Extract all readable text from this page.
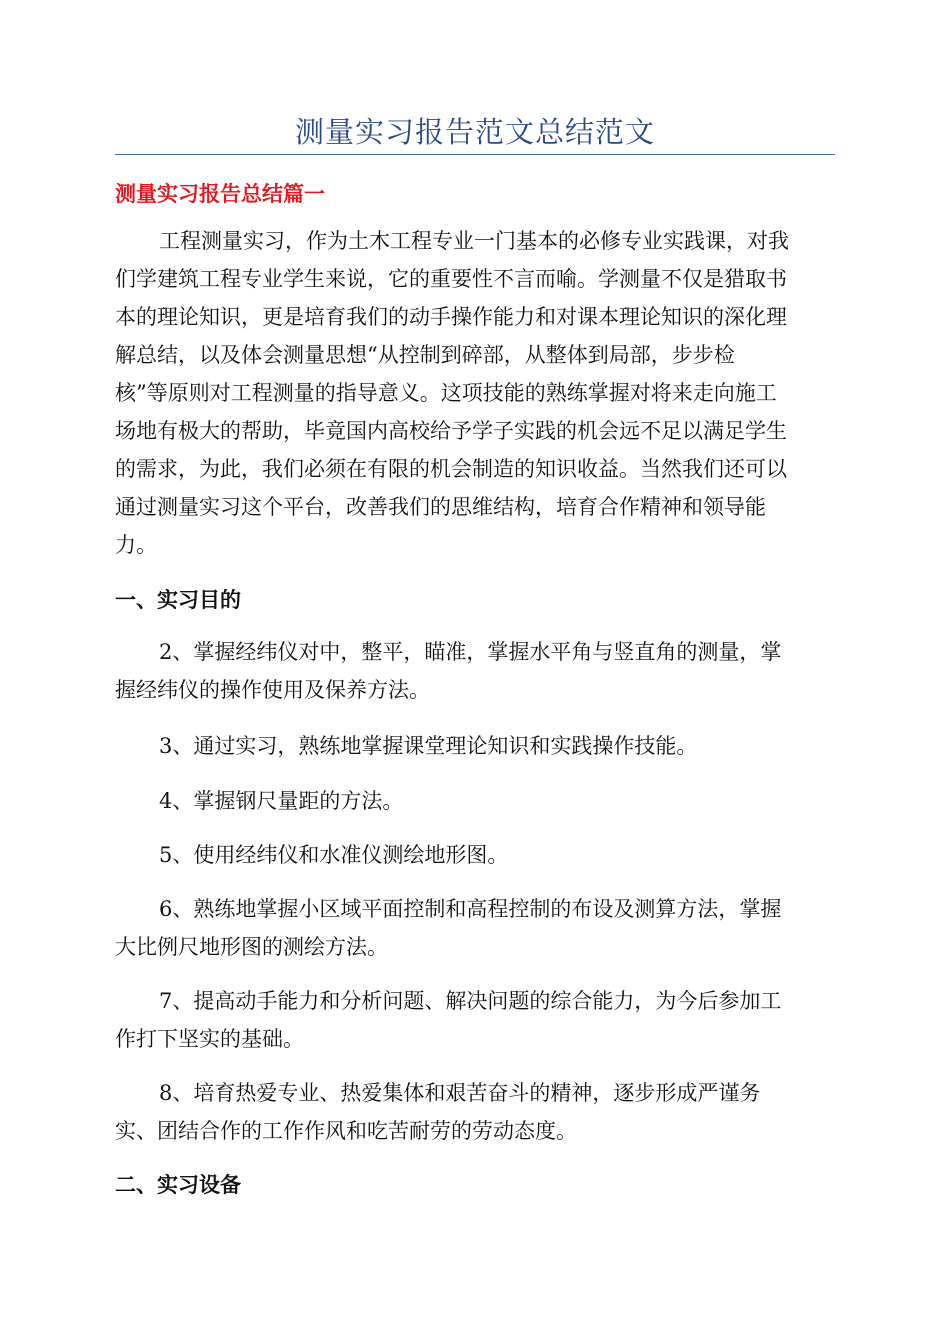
测量实习报告范文总结范文
测量实习报告总结篇一

工程测量实习，作为土木工程专业一门基本的必修专业实践课，对我
们学建筑工程专业学生来说，它的重要性不言而喻。学测量不仅是猎取书
本的理论知识，更是培育我们的动手操作能力和对课本理论知识的深化理
解总结，以及体会测量思想“从控制到碎部，从整体到局部，步步检
核”等原则对工程测量的指导意义。这项技能的熟练掌握对将来走向施工
场地有极大的帮助，毕竟国内高校给予学子实践的机会远不足以满足学生
的需求，为此，我们必须在有限的机会制造的知识收益。当然我们还可以
通过测量实习这个平台，改善我们的思维结构，培育合作精神和领导能
力。

一、实习目的

2、掌握经纬仪对中，整平，瞄准，掌握水平角与竖直角的测量，掌
握经纬仪的操作使用及保养方法。

3、通过实习，熟练地掌握课堂理论知识和实践操作技能。

4、掌握钢尺量距的方法。

5、使用经纬仪和水准仪测绘地形图。

6、熟练地掌握小区域平面控制和高程控制的布设及测算方法，掌握
大比例尺地形图的测绘方法。

7、提高动手能力和分析问题、解决问题的综合能力，为今后参加工
作打下坚实的基础。

8、培育热爱专业、热爱集体和艰苦奋斗的精神，逐步形成严谨务
实、团结合作的工作作风和吃苦耐劳的劳动态度。

二、实习设备
